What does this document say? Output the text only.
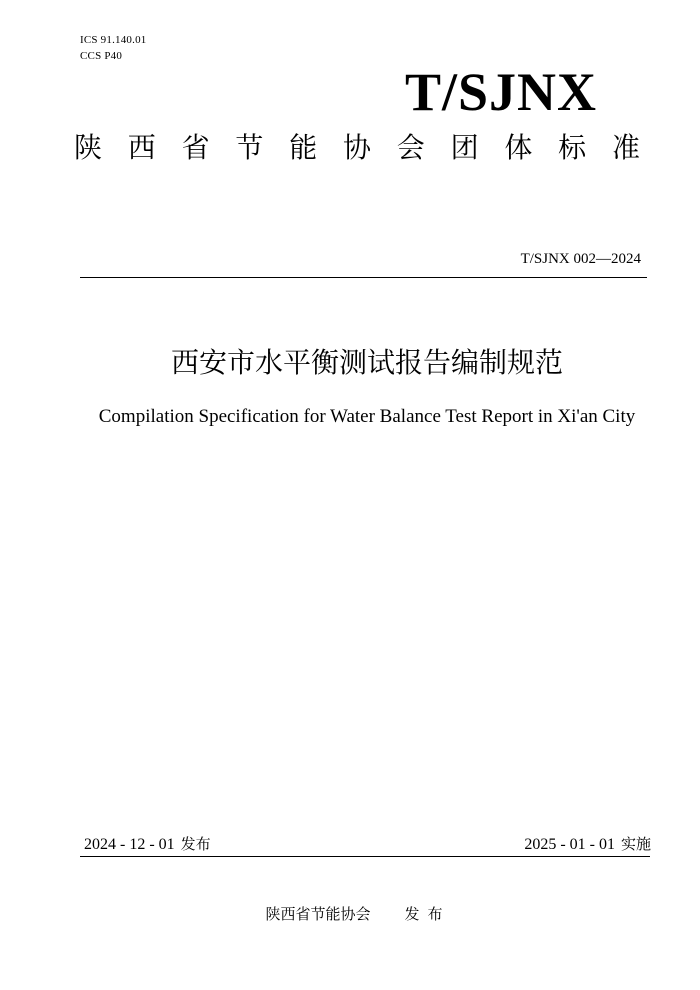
ICS 91.140.01
CCS P40
T/SJNX
陕 西 省 节 能 协 会 团 体 标 准
T/SJNX 002—2024
西安市水平衡测试报告编制规范
Compilation Specification for Water Balance Test Report in Xi'an City
2024 - 12 - 01 发布	2025 - 01 - 01 实施
陕西省节能协会 发布
